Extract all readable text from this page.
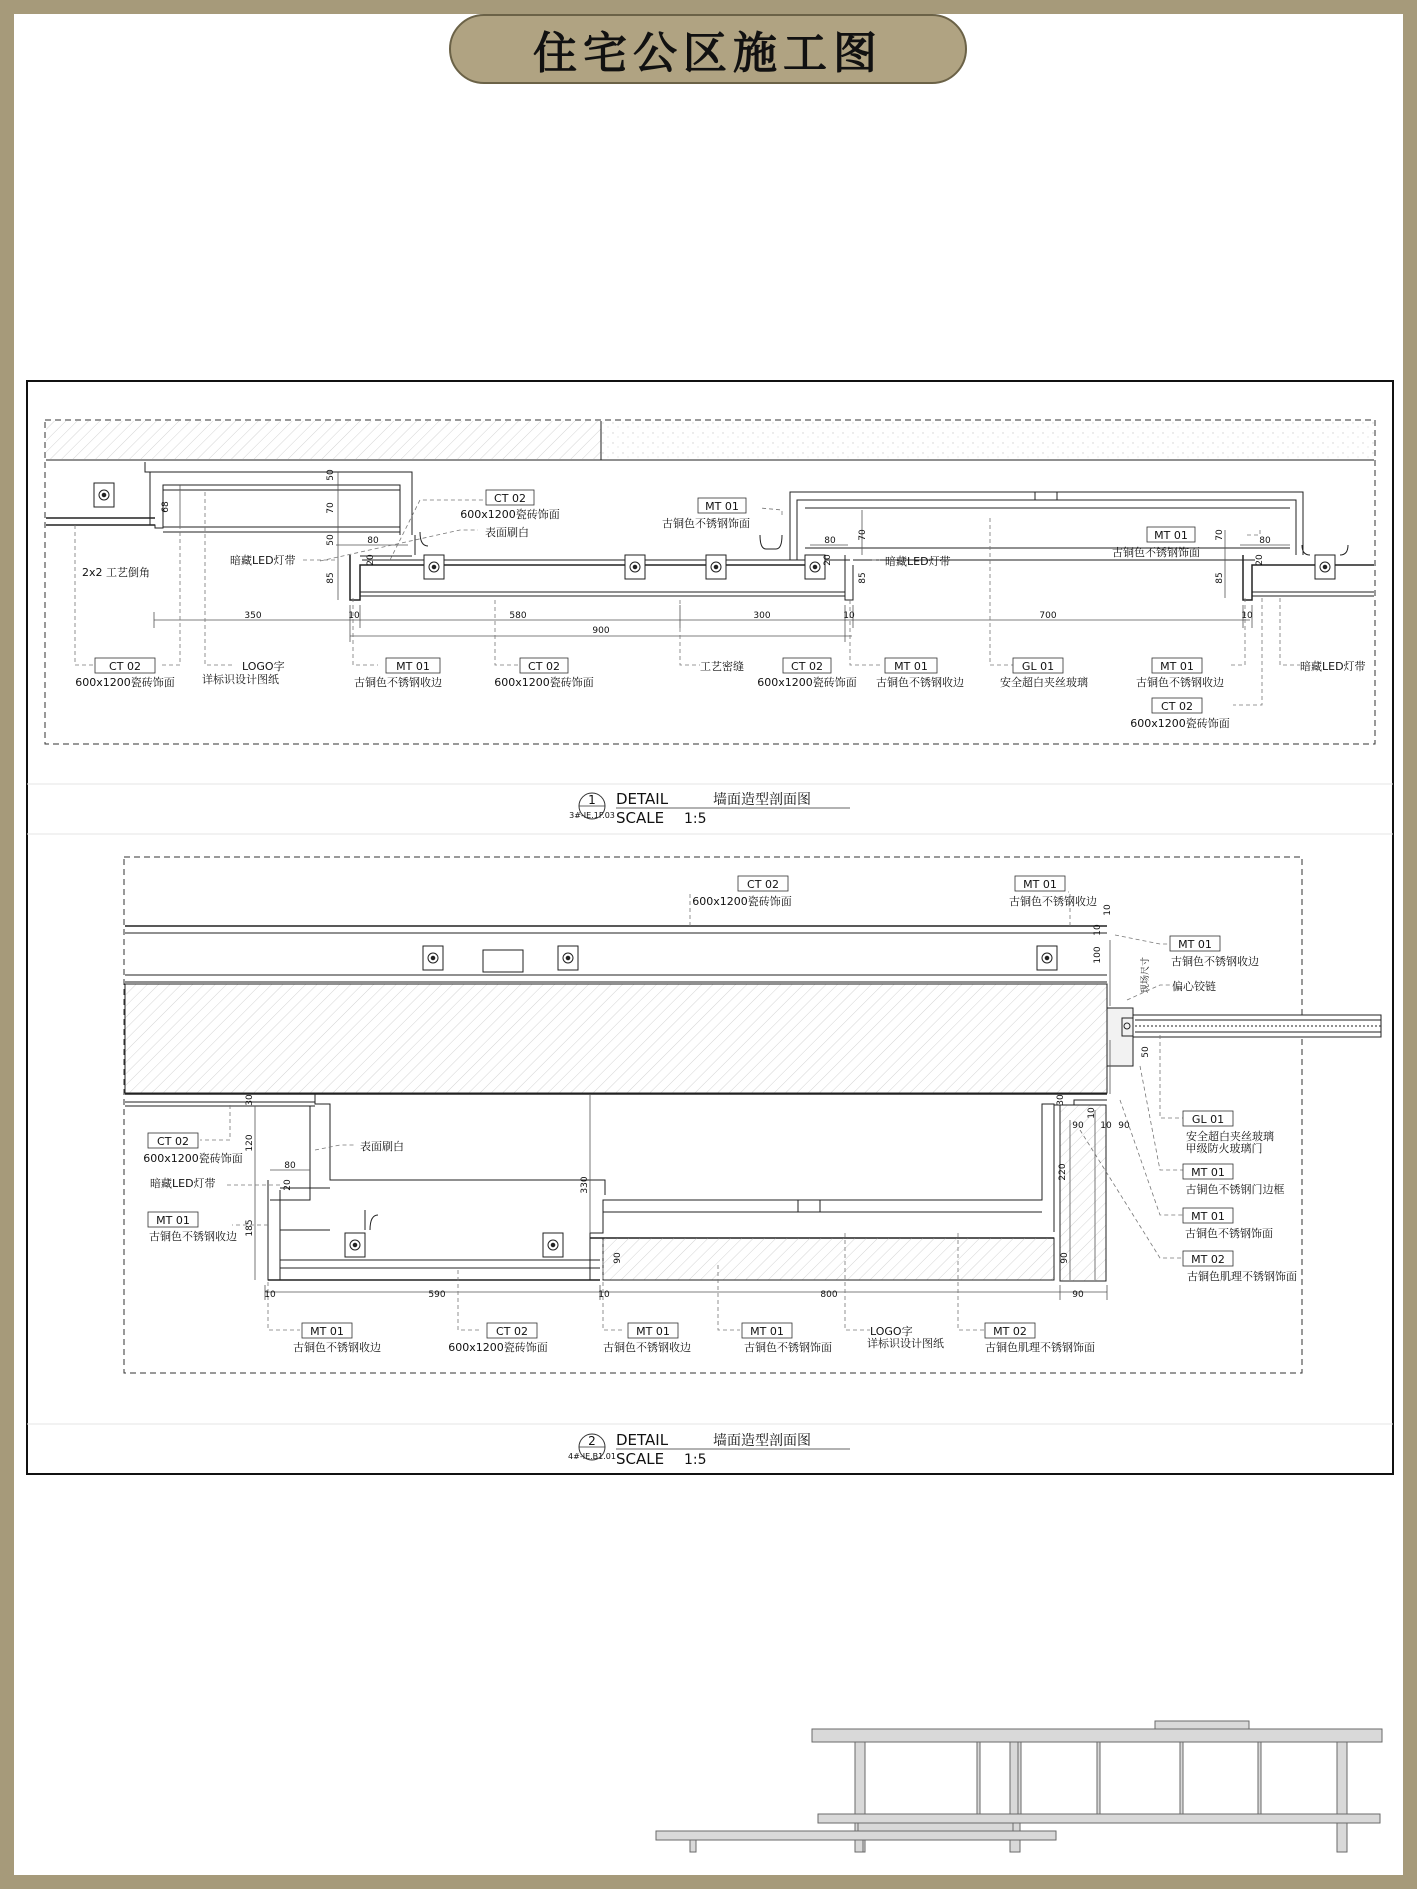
住宅公区施工图
CT 02
600x1200瓷砖饰面
表面刷白
MT 01
古铜色不锈钢饰面
MT 01
古铜色不锈钢饰面
2x2 工艺倒角
暗藏LED灯带	暗藏LED灯带
暗藏LED灯带
CT 02
600x1200瓷砖饰面
LOGO字
详标识设计图纸
MT 01
古铜色不锈钢收边
CT 02
600x1200瓷砖饰面
工艺密缝	CT 02
600x1200瓷砖饰面
MT 01
古铜色不锈钢收边
GL 01
安全超白夹丝玻璃
MT 01
古铜色不锈钢收边
CT 02
600x1200瓷砖饰面
350	10	580	300	10
900
700	10
80	80	80
50
70
68
50
20
85
70
20
85
70
20
85
1
3#-IE.1F.03
DETAIL	墙面造型剖面图
SCALE 1:5
CT 02
600x1200瓷砖饰面
MT 01
古铜色不锈钢收边
MT 01
古铜色不锈钢收边
现场尺寸 偏心铰链
GL 01
安全超白夹丝玻璃
甲级防火玻璃门
MT 01
古铜色不锈钢门边框
MT 01
古铜色不锈钢饰面
MT 02
古铜色肌理不锈钢饰面
CT 02
600x1200瓷砖饰面
表面刷白
暗藏LED灯带
MT 01
古铜色不锈钢收边
MT 01
古铜色不锈钢收边
CT 02
600x1200瓷砖饰面
MT 01
古铜色不锈钢收边
MT 01
古铜色不锈钢饰面
LOGO字
详标识设计图纸
MT 02
古铜色肌理不锈钢饰面
10	590	10	800	90
80
90 10
10
10
100
30
120
20
185
330
90	90
30
10
220
50
90
2
4#-IE.B1.01
DETAIL	墙面造型剖面图
SCALE 1:5
